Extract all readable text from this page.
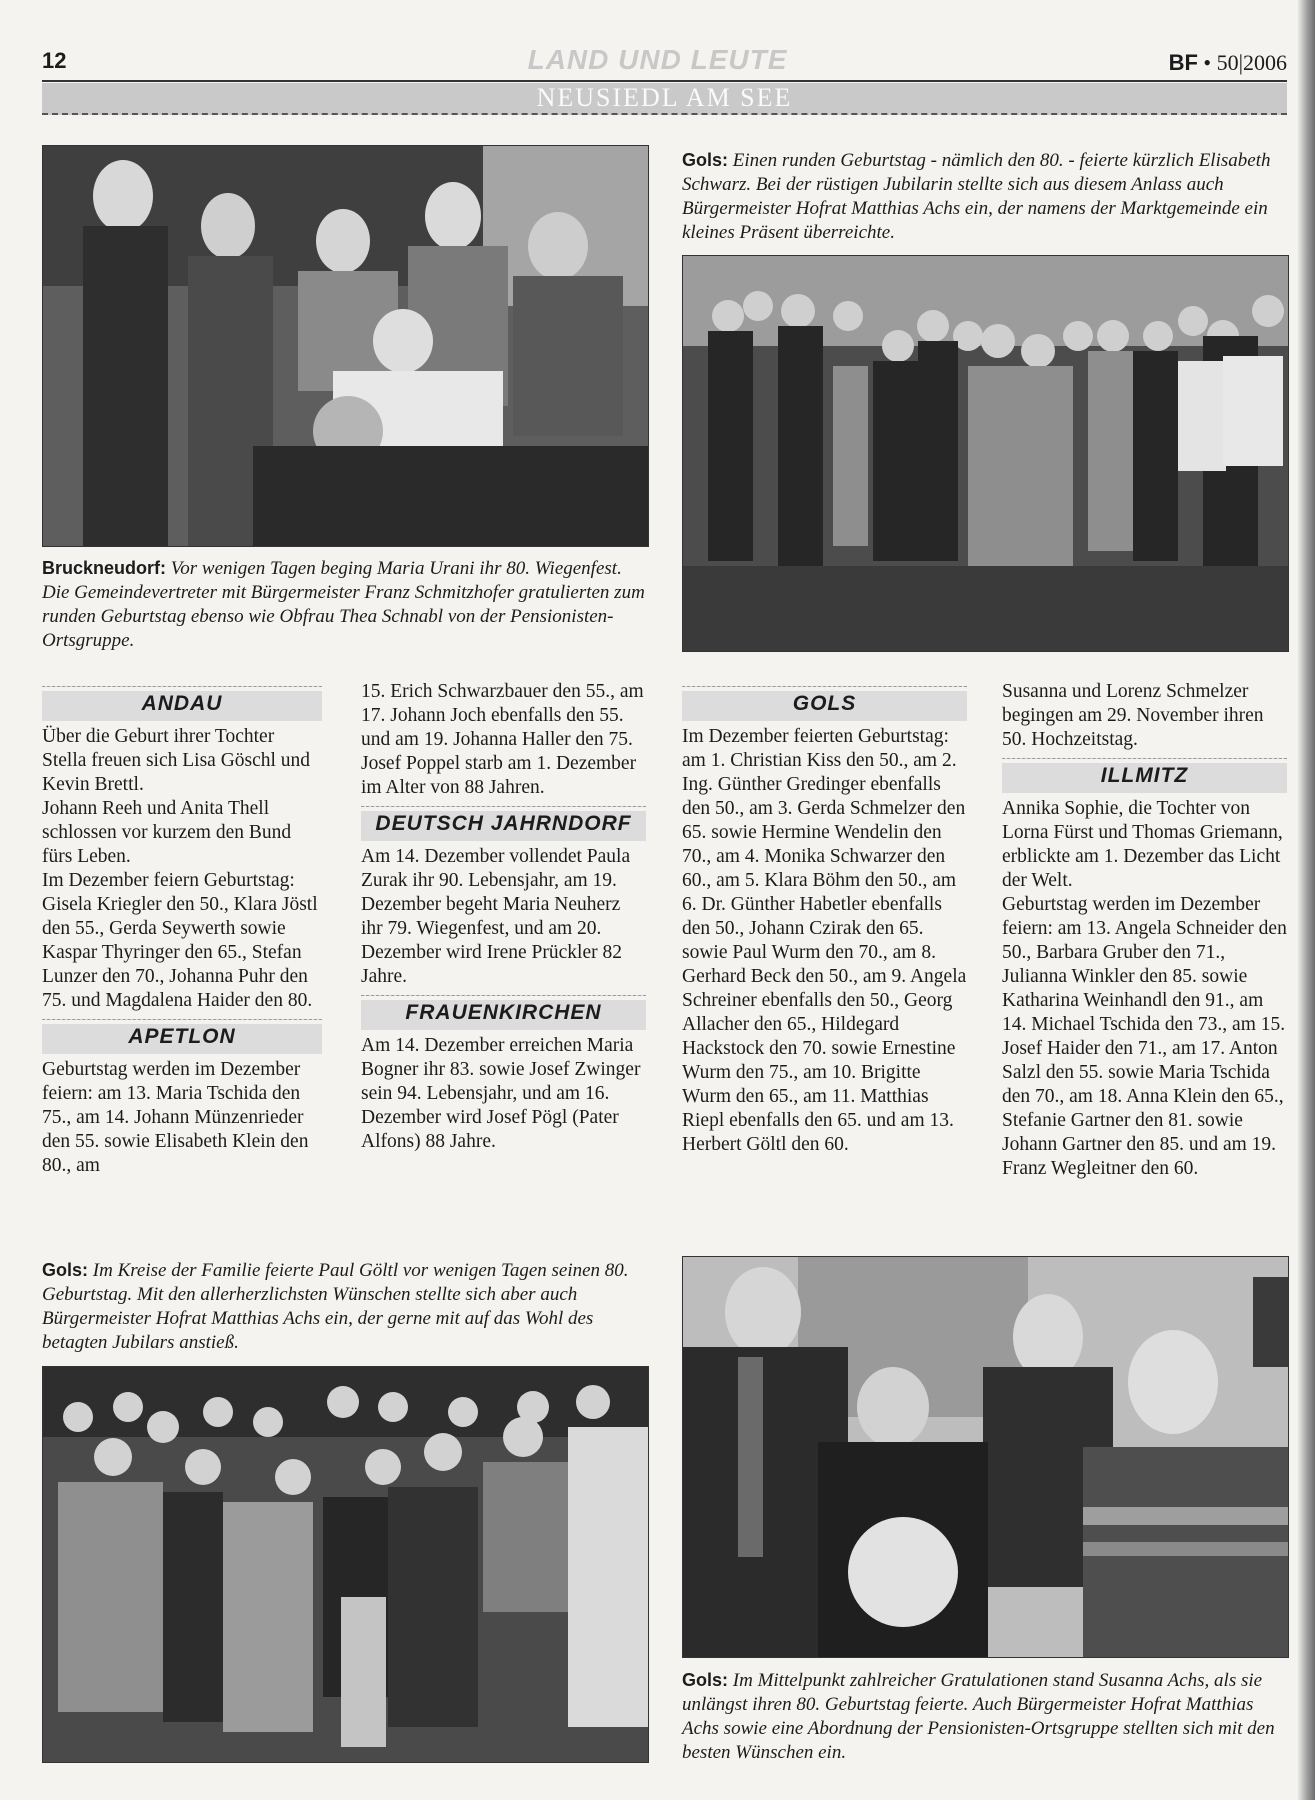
12	LAND UND LEUTE	BF • 50|2006
NEUSIEDL AM SEE
Gols: Einen runden Geburtstag - nämlich den 80. - feierte kürzlich Elisabeth Schwarz. Bei der rüstigen Jubilarin stellte sich aus diesem Anlass auch Bürgermeister Hofrat Matthias Achs ein, der namens der Marktgemeinde ein kleines Präsent überreichte.
Bruckneudorf: Vor wenigen Tagen beging Maria Urani ihr 80. Wiegenfest. Die Gemeindevertreter mit Bürgermeister Franz Schmitzhofer gratulierten zum runden Geburtstag ebenso wie Obfrau Thea Schnabl von der Pensionisten-Ortsgruppe.
ANDAU

Über die Geburt ihrer Tochter Stella freuen sich Lisa Göschl und Kevin Brettl.

Johann Reeh und Anita Thell schlossen vor kurzem den Bund fürs Leben.

Im Dezember feiern Geburtstag: Gisela Kriegler den 50., Klara Jöstl den 55., Gerda Seywerth sowie Kaspar Thyringer den 65., Stefan Lunzer den 70., Johanna Puhr den 75. und Magdalena Haider den 80.

APETLON

Geburtstag werden im Dezember feiern: am 13. Maria Tschida den 75., am 14. Johann Münzenrieder den 55. sowie Elisabeth Klein den 80., am

15. Erich Schwarzbauer den 55., am 17. Johann Joch ebenfalls den 55. und am 19. Johanna Haller den 75.

Josef Poppel starb am 1. Dezember im Alter von 88 Jahren.

DEUTSCH JAHRNDORF

Am 14. Dezember vollendet Paula Zurak ihr 90. Lebensjahr, am 19. Dezember begeht Maria Neuherz ihr 79. Wiegenfest, und am 20. Dezember wird Irene Prückler 82 Jahre.

FRAUENKIRCHEN

Am 14. Dezember erreichen Maria Bogner ihr 83. sowie Josef Zwinger sein 94. Lebensjahr, und am 16. Dezember wird Josef Pögl (Pater Alfons) 88 Jahre.

GOLS

Im Dezember feierten Geburtstag: am 1. Christian Kiss den 50., am 2. Ing. Günther Gredinger ebenfalls den 50., am 3. Gerda Schmelzer den 65. sowie Hermine Wendelin den 70., am 4. Monika Schwarzer den 60., am 5. Klara Böhm den 50., am 6. Dr. Günther Habetler ebenfalls den 50., Johann Czirak den 65. sowie Paul Wurm den 70., am 8. Gerhard Beck den 50., am 9. Angela Schreiner ebenfalls den 50., Georg Allacher den 65., Hildegard Hackstock den 70. sowie Ernestine Wurm den 75., am 10. Brigitte Wurm den 65., am 11. Matthias Riepl ebenfalls den 65. und am 13. Herbert Göltl den 60.

Susanna und Lorenz Schmelzer begingen am 29. November ihren 50. Hochzeitstag.

ILLMITZ

Annika Sophie, die Tochter von Lorna Fürst und Thomas Griemann, erblickte am 1. Dezember das Licht der Welt.

Geburtstag werden im Dezember feiern: am 13. Angela Schneider den 50., Barbara Gruber den 71., Julianna Winkler den 85. sowie Katharina Weinhandl den 91., am 14. Michael Tschida den 73., am 15. Josef Haider den 71., am 17. Anton Salzl den 55. sowie Maria Tschida den 70., am 18. Anna Klein den 65., Stefanie Gartner den 81. sowie Johann Gartner den 85. und am 19. Franz Wegleitner den 60.

Gols: Im Kreise der Familie feierte Paul Göltl vor wenigen Tagen seinen 80. Geburtstag. Mit den allerherzlichsten Wünschen stellte sich aber auch Bürgermeister Hofrat Matthias Achs ein, der gerne mit auf das Wohl des betagten Jubilars anstieß.
Gols: Im Mittelpunkt zahlreicher Gratulationen stand Susanna Achs, als sie unlängst ihren 80. Geburtstag feierte. Auch Bürgermeister Hofrat Matthias Achs sowie eine Abordnung der Pensionisten-Ortsgruppe stellten sich mit den besten Wünschen ein.
